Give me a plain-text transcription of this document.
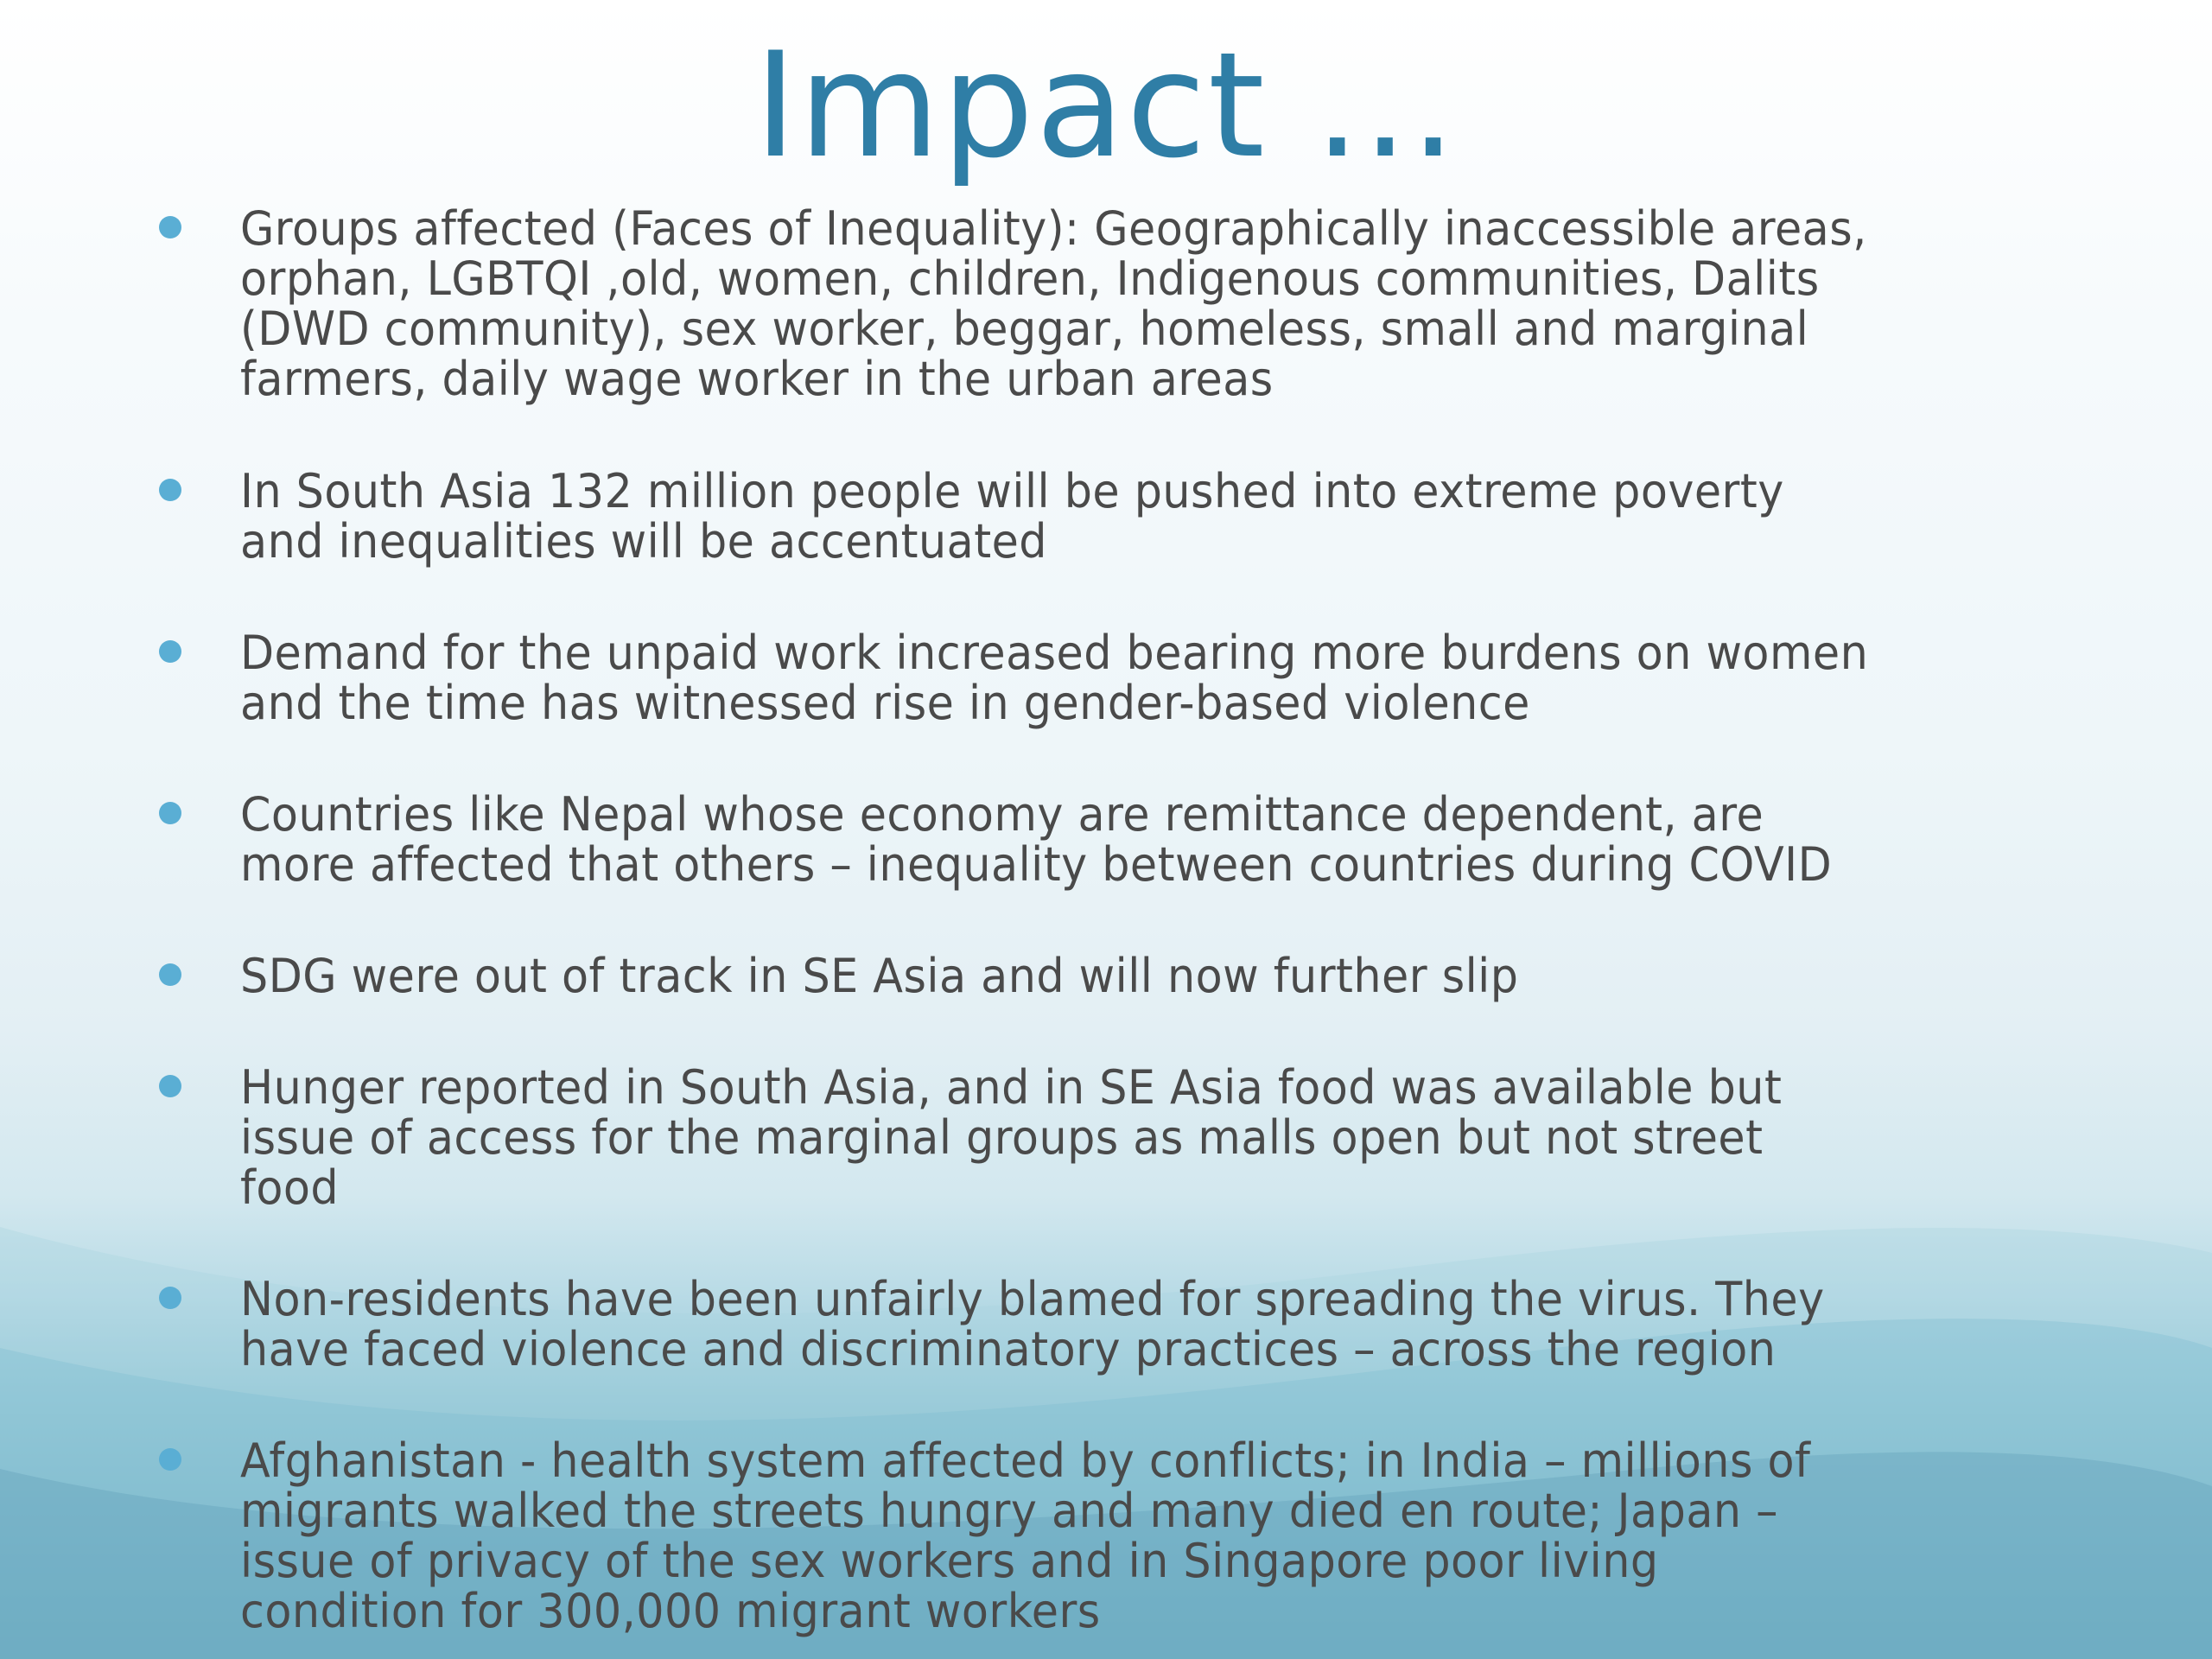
Impact ...
Groups affected (Faces of Inequality): Geographically inaccessible areas,
orphan, LGBTQI ,old, women, children, Indigenous communities, Dalits
(DWD community), sex worker, beggar, homeless, small and marginal
farmers, daily wage worker in the urban areas
In South Asia 132 million people will be pushed into extreme poverty
and inequalities will be accentuated
Demand for the unpaid work increased bearing more burdens on women
and the time has witnessed rise in gender-based violence
Countries like Nepal whose economy are remittance dependent, are
more affected that others – inequality between countries during COVID
SDG were out of track in SE Asia and will now further slip
Hunger reported in South Asia, and in SE Asia food was available but
issue of access for the marginal groups as malls open but not street
food
Non-residents have been unfairly blamed for spreading the virus. They
have faced violence and discriminatory practices – across the region
Afghanistan - health system affected by conflicts; in India – millions of
migrants walked the streets hungry and many died en route; Japan –
issue of privacy of the sex workers and in Singapore poor living
condition for 300,000 migrant workers
